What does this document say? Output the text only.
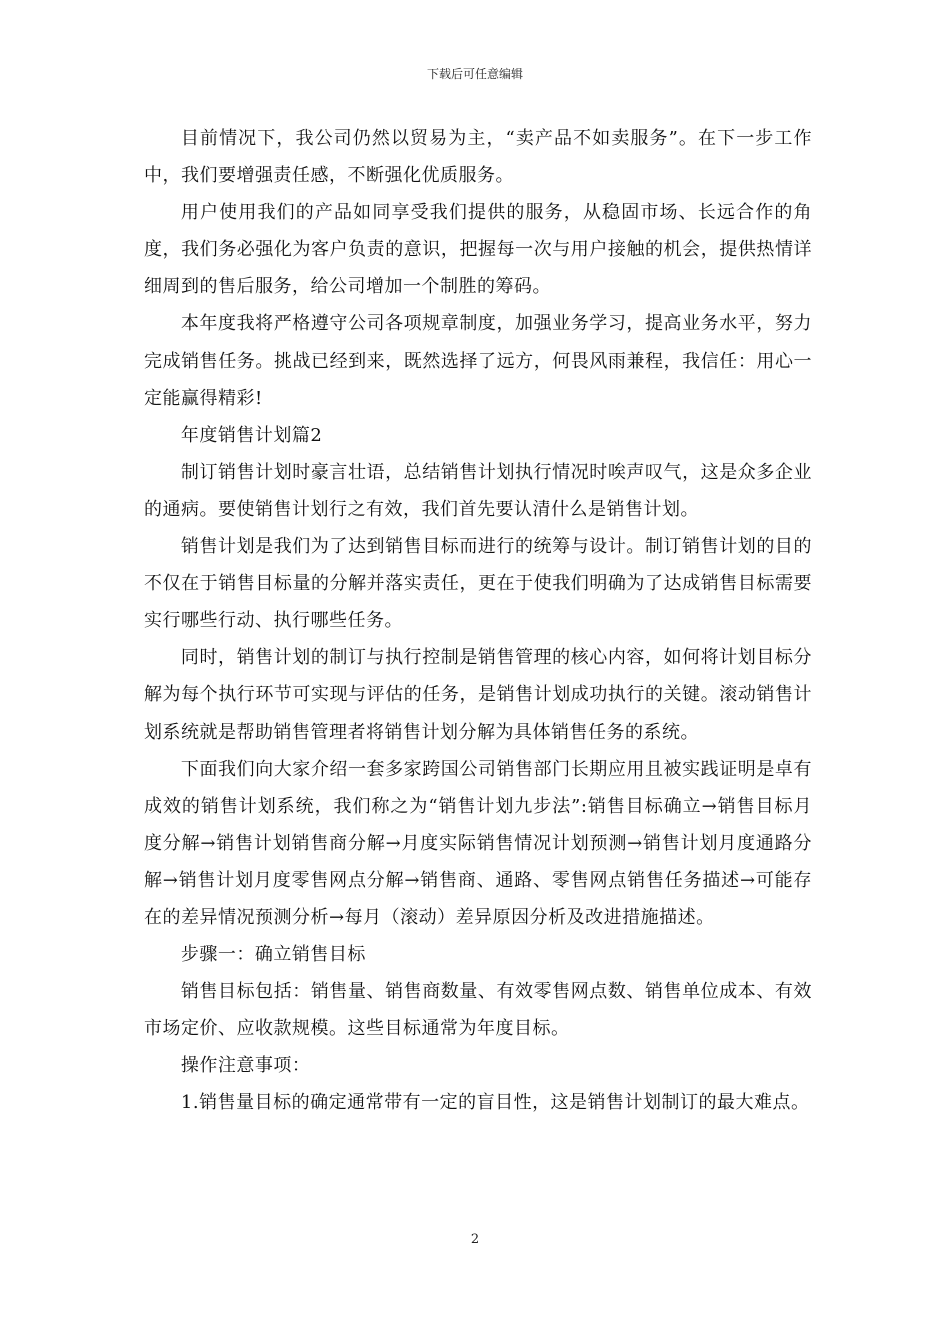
下载后可任意编辑

目前情况下，我公司仍然以贸易为主，“卖产品不如卖服务”。在下一步工作中，我们要增强责任感，不断强化优质服务。

用户使用我们的产品如同享受我们提供的服务，从稳固市场、长远合作的角度，我们务必强化为客户负责的意识，把握每一次与用户接触的机会，提供热情详细周到的售后服务，给公司增加一个制胜的筹码。

本年度我将严格遵守公司各项规章制度，加强业务学习，提高业务水平，努力完成销售任务。挑战已经到来，既然选择了远方，何畏风雨兼程，我信任：用心一定能赢得精彩!

年度销售计划篇2

制订销售计划时豪言壮语，总结销售计划执行情况时唉声叹气，这是众多企业的通病。要使销售计划行之有效，我们首先要认清什么是销售计划。

销售计划是我们为了达到销售目标而进行的统筹与设计。制订销售计划的目的不仅在于销售目标量的分解并落实责任，更在于使我们明确为了达成销售目标需要实行哪些行动、执行哪些任务。

同时，销售计划的制订与执行控制是销售管理的核心内容，如何将计划目标分解为每个执行环节可实现与评估的任务，是销售计划成功执行的关键。滚动销售计划系统就是帮助销售管理者将销售计划分解为具体销售任务的系统。

下面我们向大家介绍一套多家跨国公司销售部门长期应用且被实践证明是卓有成效的销售计划系统，我们称之为“销售计划九步法”:销售目标确立→销售目标月度分解→销售计划销售商分解→月度实际销售情况计划预测→销售计划月度通路分解→销售计划月度零售网点分解→销售商、通路、零售网点销售任务描述→可能存在的差异情况预测分析→每月（滚动）差异原因分析及改进措施描述。

步骤一：确立销售目标

销售目标包括：销售量、销售商数量、有效零售网点数、销售单位成本、有效市场定价、应收款规模。这些目标通常为年度目标。

操作注意事项：

1.销售量目标的确定通常带有一定的盲目性，这是销售计划制订的最大难点。

2
